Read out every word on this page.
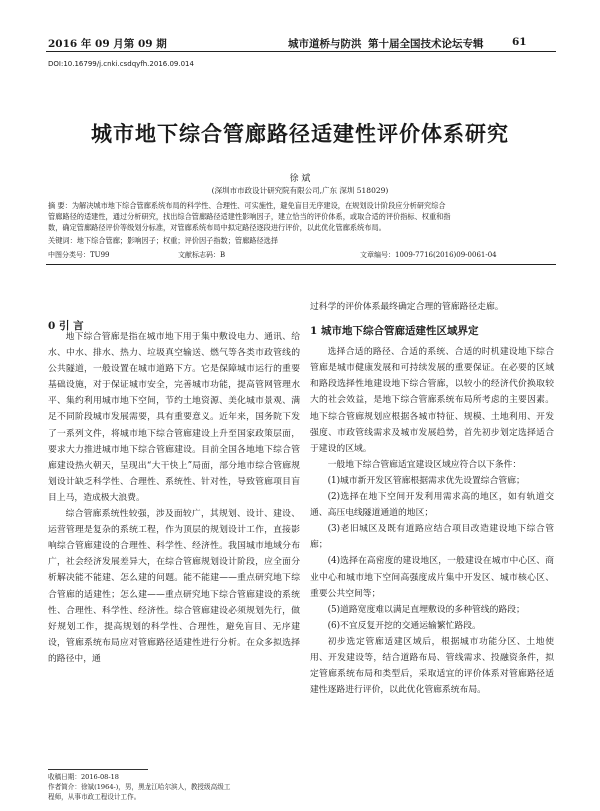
2016 年 09 月第 09 期	城市道桥与防洪 第十届全国技术论坛专辑	61
DOI:10.16799/j.cnki.csdqyfh.2016.09.014
城市地下综合管廊路径适建性评价体系研究
徐 斌
(深圳市市政设计研究院有限公司,广东 深圳 518029)
摘 要：为解决城市地下综合管廊系统布局的科学性、合理性、可实施性，避免盲目无序建设，在规划设计阶段应分析研究综合
管廊路径的适建性，通过分析研究，找出综合管廊路径适建性影响因子，建立恰当的评价体系，或取合适的评价指标、权重和指
数，确定管廊路径评价等级划分标准，对管廊系统布局中拟定路径逐段进行评价，以此优化管廊系统布局。
关键词：地下综合管廊；影响因子；权重；评价因子指数；管廊路径选择
中图分类号：TU99	文献标志码：B	文章编号：1009-7716(2016)09-0061-04
0 引 言

地下综合管廊是指在城市地下用于集中敷设电力、通讯、给水、中水、排水、热力、垃圾真空输送、燃气等各类市政管线的公共隧道，一般设置在城市道路下方。它是保障城市运行的重要基础设施，对于保证城市安全，完善城市功能，提高管网管理水平、集约利用城市地下空间，节约土地资源、美化城市景观、满足不同阶段城市发展需要，具有重要意义。近年来，国务院下发了一系列文件，将城市地下综合管廊建设上升至国家政策层面，要求大力推进城市地下综合管廊建设。目前全国各地地下综合管廊建设热火朝天，呈现出“大干快上”局面，部分地市综合管廊规划设计缺乏科学性、合理性、系统性、针对性，导致管廊项目盲目上马，造成极大浪费。

综合管廊系统性较强，涉及面较广，其规划、设计、建设、运营管理是复杂的系统工程，作为顶层的规划设计工作，直接影响综合管廊建设的合理性、科学性、经济性。我国城市地域分布广，社会经济发展差异大，在综合管廊规划设计阶段，应全面分析解决能不能建、怎么建的问题。能不能建——重点研究地下综合管廊的适建性；怎么建——重点研究地下综合管廊建设的系统性、合理性、科学性、经济性。综合管廊建设必须规划先行，做好规划工作，提高规划的科学性、合理性，避免盲目、无序建设，管廊系统布局应对管廊路径适建性进行分析。在众多拟选择的路径中，通

过科学的评价体系最终确定合理的管廊路径走廊。

1 城市地下综合管廊适建性区域界定

选择合适的路径、合适的系统、合适的时机建设地下综合管廊是城市健康发展和可持续发展的重要保证。在必要的区域和路段选择性地建设地下综合管廊，以较小的经济代价换取较大的社会效益，是地下综合管廊系统布局所考虑的主要因素。地下综合管廊规划应根据各城市特征、规模、土地利用、开发强度、市政管线需求及城市发展趋势，首先初步划定选择适合于建设的区域。

一般地下综合管廊适宜建设区域应符合以下条件：

(1)城市新开发区管廊根据需求优先设置综合管廊；

(2)选择在地下空间开发利用需求高的地区，如有轨道交通、高压电线隧道通道的地区；

(3)老旧城区及既有道路应结合项目改造建设地下综合管廊；

(4)选择在高密度的建设地区，一般建设在城市中心区、商业中心和城市地下空间高强度成片集中开发区、城市核心区、重要公共空间等；

(5)道路宽度难以满足直埋敷设的多种管线的路段；

(6)不宜反复开挖的交通运输繁忙路段。

初步选定管廊适建区域后，根据城市功能分区、土地使用、开发建设等，结合道路布局、管线需求、投融资条件，拟定管廊系统布局和类型后，采取适宜的评价体系对管廊路径适建性逐路进行评价，以此优化管廊系统布局。

收稿日期：2016-08-18
作者简介：徐斌(1964-)，男，黑龙江哈尔滨人，教授级高级工
程师，从事市政工程设计工作。
